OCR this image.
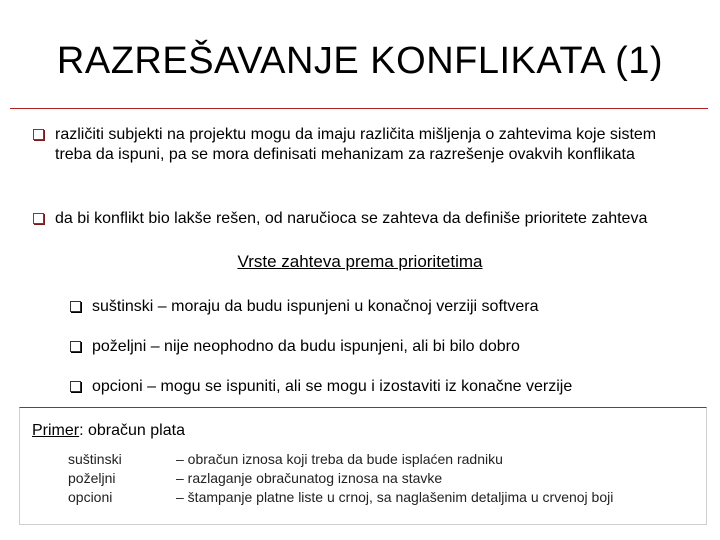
RAZREŠAVANJE KONFLIKATA (1)
različiti subjekti na projektu mogu da imaju različita mišljenja o zahtevima koje sistem treba da ispuni, pa se mora definisati mehanizam za razrešenje ovakvih konflikata
da bi konflikt bio lakše rešen, od naručioca se zahteva da definiše prioritete zahteva
Vrste zahteva prema prioritetima
suštinski – moraju da budu ispunjeni u konačnoj verziji softvera
poželjni – nije neophodno da budu ispunjeni, ali bi bilo dobro
opcioni – mogu se ispuniti, ali se mogu i izostaviti iz konačne verzije
Primer: obračun plata
suštinski	– obračun iznosa koji treba da bude isplaćen radniku
poželjni	– razlaganje obračunatog iznosa na stavke
opcioni	– štampanje platne liste u crnoj, sa naglašenim detaljima u crvenoj boji
